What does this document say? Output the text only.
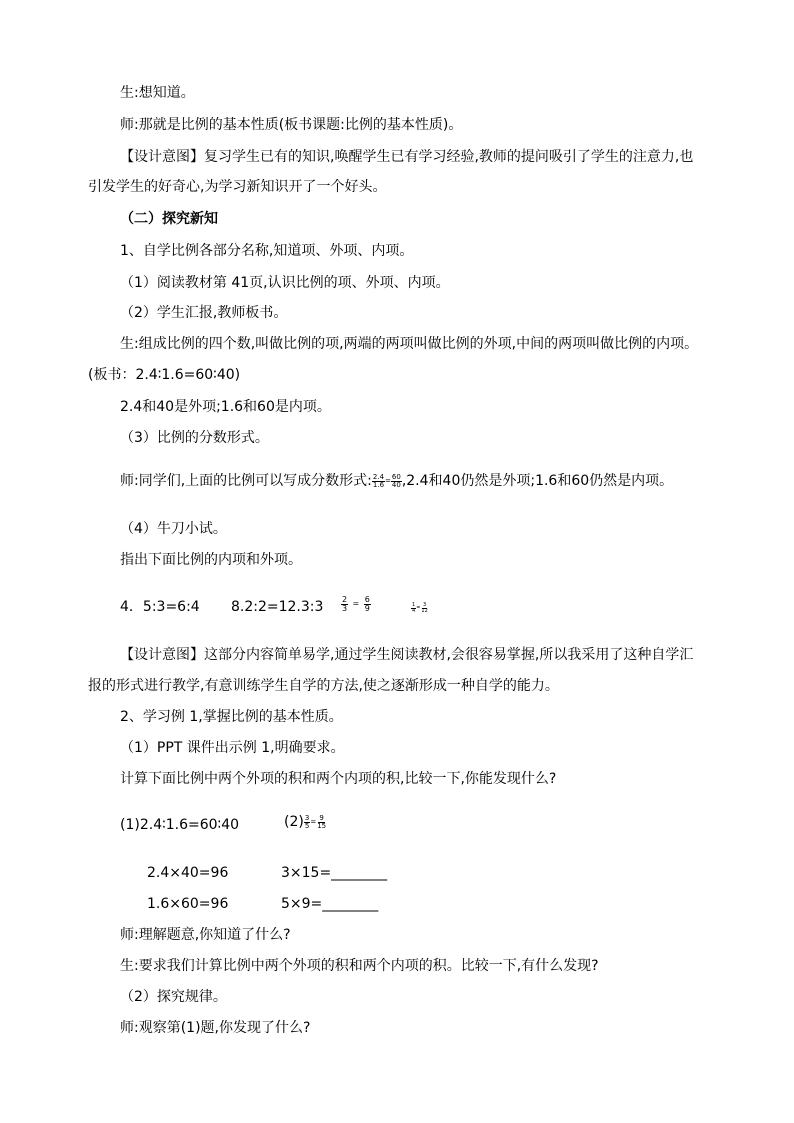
生:想知道。
师:那就是比例的基本性质(板书课题:比例的基本性质)。
【设计意图】复习学生已有的知识,唤醒学生已有学习经验,教师的提问吸引了学生的注意力,也
引发学生的好奇心,为学习新知识开了一个好头。
（二）探究新知
1、自学比例各部分名称,知道项、外项、内项。
（1）阅读教材第 41页,认识比例的项、外项、内项。
（2）学生汇报,教师板书。
生:组成比例的四个数,叫做比例的项,两端的两项叫做比例的外项,中间的两项叫做比例的内项。
(板书：2.4∶1.6=60∶40)
2.4和40是外项;1.6和60是内项。
（3）比例的分数形式。
师:同学们,上面的比例可以写成分数形式: $\frac{2.4}{1.6} = \frac{60}{40} ,2.4$和40仍然是外项;1.6和60仍然是内项。
（4）牛刀小试。
指出下面比例的内项和外项。
4．5:3=6:4 8.2:2=12.3:3 $\frac{2}{3} = \frac{6}{9}$	$\frac{1}{4} = \frac{3}{12}$
【设计意图】这部分内容简单易学,通过学生阅读教材,会很容易掌握,所以我采用了这种自学汇
报的形式进行教学,有意训练学生自学的方法,使之逐渐形成一种自学的能力。
2、学习例 1,掌握比例的基本性质。
（1）PPT 课件出示例 1,明确要求。
计算下面比例中两个外项的积和两个内项的积,比较一下,你能发现什么?
(1)2.4∶1.6=60∶40	$(2) \frac{3}{5} = \frac{9}{15}$
2.4×40=96	3×15=________
1.6×60=96	5×9=________
师:理解题意,你知道了什么?
生:要求我们计算比例中两个外项的积和两个内项的积。比较一下,有什么发现?
（2）探究规律。
师:观察第(1)题,你发现了什么?
